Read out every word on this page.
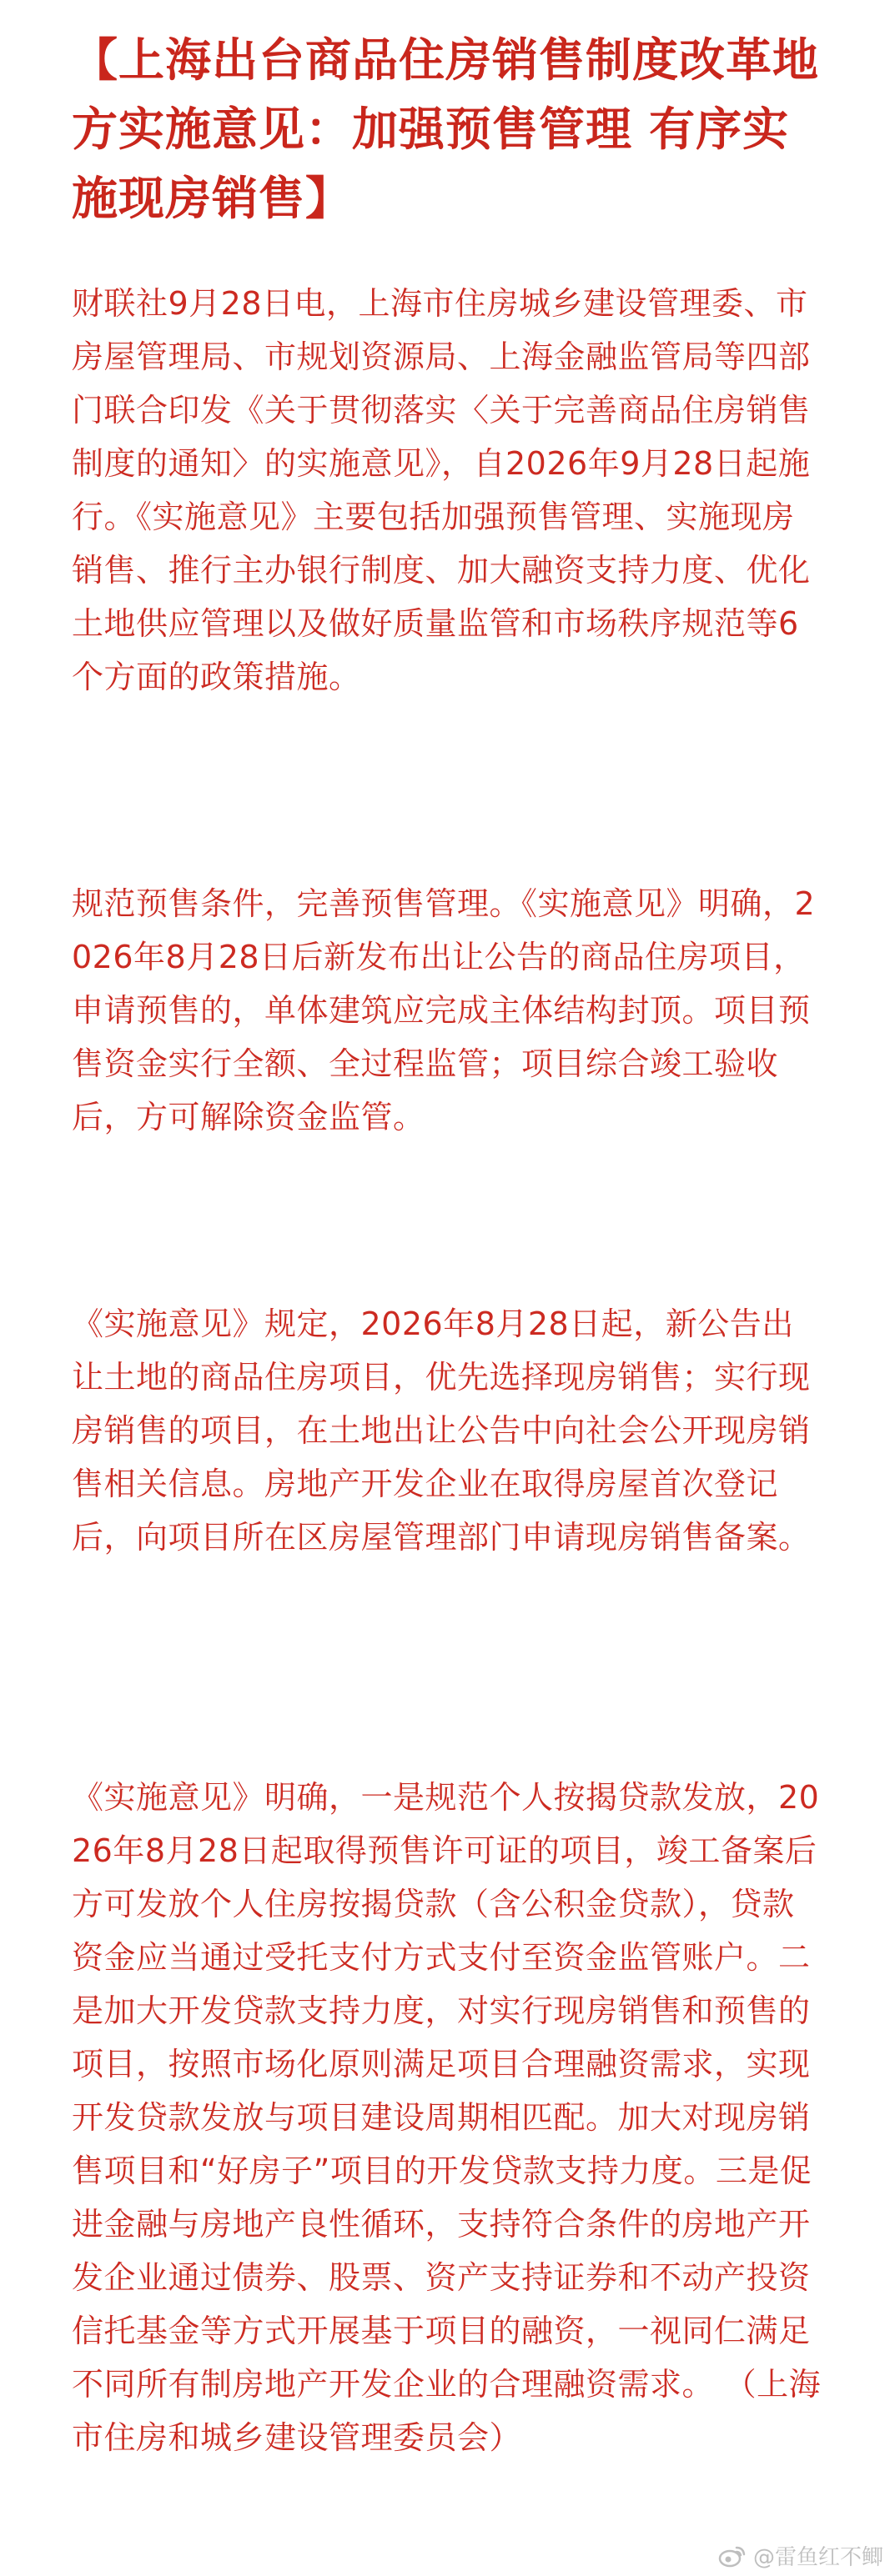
【上海出台商品住房销售制度改革地方实施意见：加强预售管理 有序实施现房销售】

财联社9月28日电，上海市住房城乡建设管理委、市房屋管理局、市规划资源局、上海金融监管局等四部门联合印发《关于贯彻落实〈关于完善商品住房销售制度的通知〉的实施意见》，自2026年9月28日起施行。《实施意见》主要包括加强预售管理、实施现房销售、推行主办银行制度、加大融资支持力度、优化土地供应管理以及做好质量监管和市场秩序规范等6个方面的政策措施。

规范预售条件，完善预售管理。《实施意见》明确，2026年8月28日后新发布出让公告的商品住房项目，申请预售的，单体建筑应完成主体结构封顶。项目预售资金实行全额、全过程监管；项目综合竣工验收后，方可解除资金监管。

《实施意见》规定，2026年8月28日起，新公告出让土地的商品住房项目，优先选择现房销售；实行现房销售的项目，在土地出让公告中向社会公开现房销售相关信息。房地产开发企业在取得房屋首次登记后，向项目所在区房屋管理部门申请现房销售备案。

《实施意见》明确，一是规范个人按揭贷款发放，2026年8月28日起取得预售许可证的项目，竣工备案后方可发放个人住房按揭贷款（含公积金贷款），贷款资金应当通过受托支付方式支付至资金监管账户。二是加大开发贷款支持力度，对实行现房销售和预售的项目，按照市场化原则满足项目合理融资需求，实现开发贷款发放与项目建设周期相匹配。加大对现房销售项目和“好房子”项目的开发贷款支持力度。三是促进金融与房地产良性循环，支持符合条件的房地产开发企业通过债券、股票、资产支持证券和不动产投资信托基金等方式开展基于项目的融资，一视同仁满足不同所有制房地产开发企业的合理融资需求。 （上海市住房和城乡建设管理委员会）

@雷鱼红不鲫
